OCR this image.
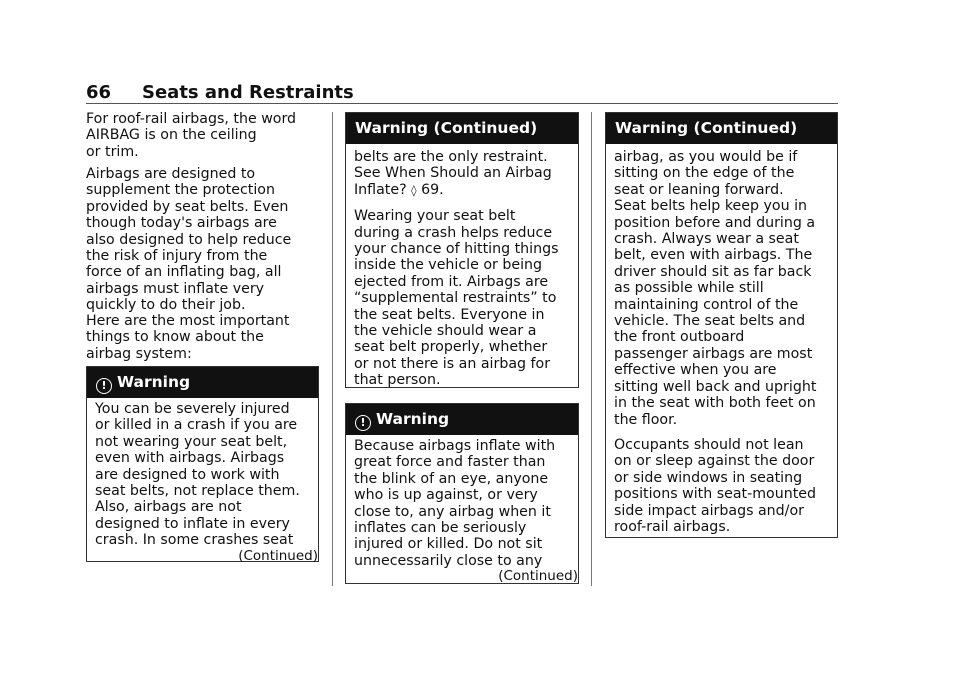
66 Seats and Restraints

For roof-rail airbags, the word
AIRBAG is on the ceiling
or trim.

Airbags are designed to
supplement the protection
provided by seat belts. Even
though today's airbags are
also designed to help reduce
the risk of injury from the
force of an inflating bag, all
airbags must inflate very
quickly to do their job.

Here are the most important
things to know about the
airbag system:

! Warning

You can be severely injured
or killed in a crash if you are
not wearing your seat belt,
even with airbags. Airbags
are designed to work with
seat belts, not replace them.
Also, airbags are not
designed to inflate in every
crash. In some crashes seat

(Continued)
Warning (Continued)

belts are the only restraint.
See When Should an Airbag
Inflate? ◊ 69.

Wearing your seat belt
during a crash helps reduce
your chance of hitting things
inside the vehicle or being
ejected from it. Airbags are
“supplemental restraints” to
the seat belts. Everyone in
the vehicle should wear a
seat belt properly, whether
or not there is an airbag for
that person.

! Warning

Because airbags inflate with
great force and faster than
the blink of an eye, anyone
who is up against, or very
close to, any airbag when it
inflates can be seriously
injured or killed. Do not sit
unnecessarily close to any

(Continued)
Warning (Continued)

airbag, as you would be if
sitting on the edge of the
seat or leaning forward.
Seat belts help keep you in
position before and during a
crash. Always wear a seat
belt, even with airbags. The
driver should sit as far back
as possible while still
maintaining control of the
vehicle. The seat belts and
the front outboard
passenger airbags are most
effective when you are
sitting well back and upright
in the seat with both feet on
the floor.

Occupants should not lean
on or sleep against the door
or side windows in seating
positions with seat-mounted
side impact airbags and/or
roof-rail airbags.
